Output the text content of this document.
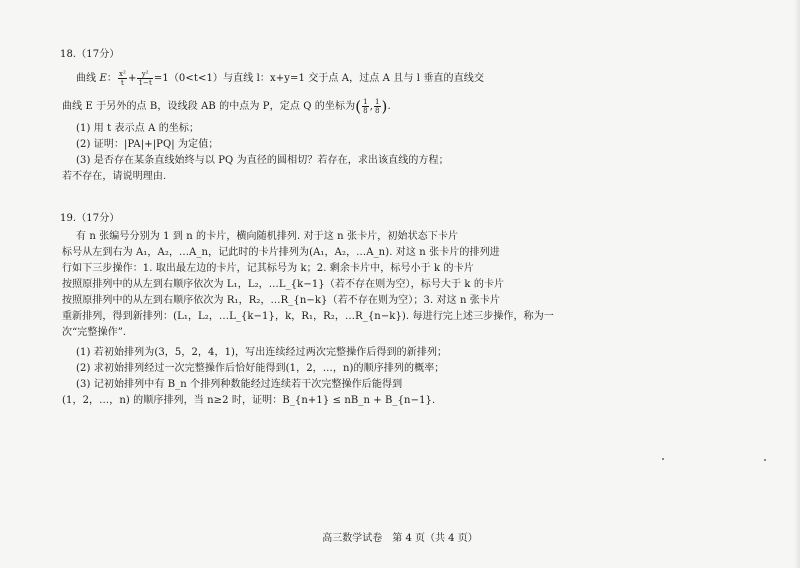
18.（17分）
曲线 E： $\frac{\text{x²}}{t} + \frac{\text{y²}}{1-t} =1(0<t<1)$与直线 l：x+y=1 交于点 A，过点 A 且与 l 垂直的直线交
曲线 E 于另外的点 B，设线段 AB 的中点为 P，定点 Q 的坐标为( $\frac{1}{8}$ , $\frac{1}{8}$ ).
(1) 用 t 表示点 A 的坐标；
(2) 证明：|PA|+|PQ| 为定值；
(3) 是否存在某条直线始终与以 PQ 为直径的圆相切？若存在，求出该直线的方程；
若不存在，请说明理由.
19.（17分）
有 n 张编号分别为 1 到 n 的卡片，横向随机排列. 对于这 n 张卡片，初始状态下卡片
标号从左到右为 A₁，A₂，…A_n，记此时的卡片排列为(A₁，A₂，…A_n). 对这 n 张卡片的排列进
行如下三步操作：1. 取出最左边的卡片，记其标号为 k；2. 剩余卡片中，标号小于 k 的卡片
按照原排列中的从左到右顺序依次为 L₁，L₂，…L_{k−1}（若不存在则为空），标号大于 k 的卡片
按照原排列中的从左到右顺序依次为 R₁，R₂，…R_{n−k}（若不存在则为空）；3. 对这 n 张卡片
重新排列，得到新排列：(L₁，L₂，…L_{k−1}，k，R₁，R₂，…R_{n−k}). 每进行完上述三步操作，称为一
次“完整操作”.
(1) 若初始排列为(3，5，2，4，1)，写出连续经过两次完整操作后得到的新排列；
(2) 求初始排列经过一次完整操作后恰好能得到(1，2，…，n)的顺序排列的概率；
(3) 记初始排列中有 B_n 个排列种数能经过连续若干次完整操作后能得到
(1，2，…，n) 的顺序排列，当 n≥2 时，证明：B_{n+1} ≤ nB_n + B_{n−1}.
高三数学试卷　第 4 页（共 4 页）
